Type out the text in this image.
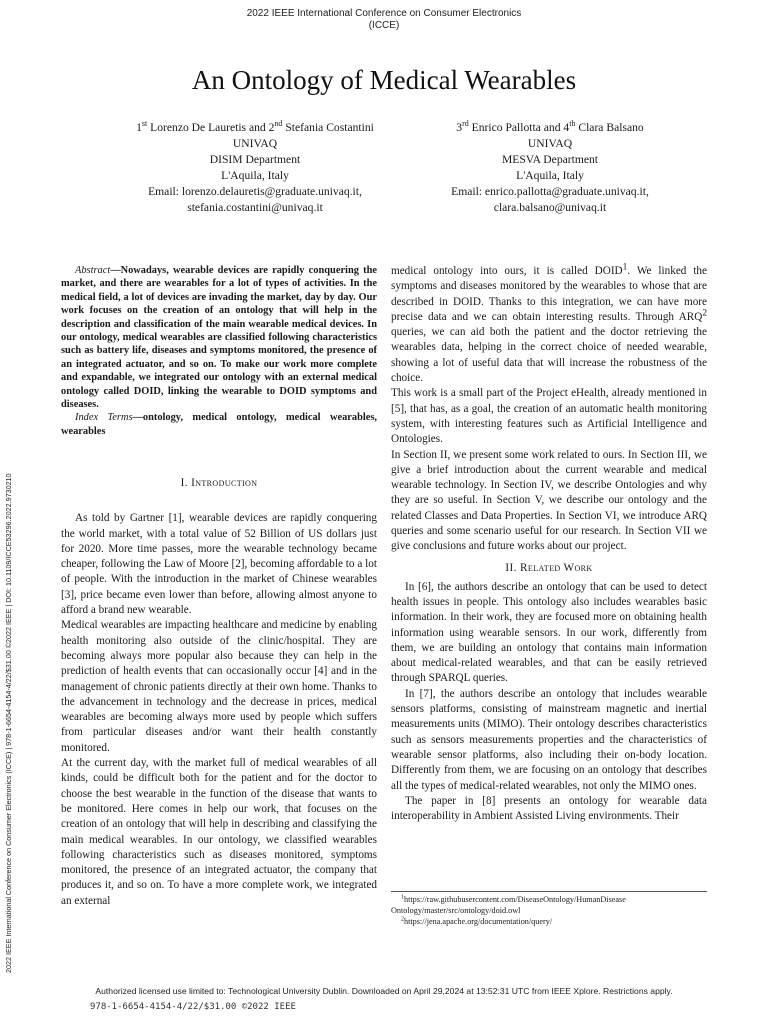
2022 IEEE International Conference on Consumer Electronics
(ICCE)
An Ontology of Medical Wearables
1st Lorenzo De Lauretis and 2nd Stefania Costantini
UNIVAQ
DISIM Department
L'Aquila, Italy
Email: lorenzo.delauretis@graduate.univaq.it,
stefania.costantini@univaq.it
3rd Enrico Pallotta and 4th Clara Balsano
UNIVAQ
MESVA Department
L'Aquila, Italy
Email: enrico.pallotta@graduate.univaq.it,
clara.balsano@univaq.it
2022 IEEE International Conference on Consumer Electronics (ICCE) | 978-1-6654-4154-4/22/$31.00 ©2022 IEEE | DOI: 10.1109/ICCE53296.2022.9730210

Abstract—Nowadays, wearable devices are rapidly conquering the market, and there are wearables for a lot of types of activities. In the medical field, a lot of devices are invading the market, day by day. Our work focuses on the creation of an ontology that will help in the description and classification of the main wearable medical devices. In our ontology, medical wearables are classified following characteristics such as battery life, diseases and symptoms monitored, the presence of an integrated actuator, and so on. To make our work more complete and expandable, we integrated our ontology with an external medical ontology called DOID, linking the wearable to DOID symptoms and diseases.

Index Terms—ontology, medical ontology, medical wearables, wearables

I. Introduction

As told by Gartner [1], wearable devices are rapidly conquering the world market, with a total value of 52 Billion of US dollars just for 2020. More time passes, more the wearable technology became cheaper, following the Law of Moore [2], becoming affordable to a lot of people. With the introduction in the market of Chinese wearables [3], price became even lower than before, allowing almost anyone to afford a brand new wearable.

Medical wearables are impacting healthcare and medicine by enabling health monitoring also outside of the clinic/hospital. They are becoming always more popular also because they can help in the prediction of health events that can occasionally occur [4] and in the management of chronic patients directly at their own home. Thanks to the advancement in technology and the decrease in prices, medical wearables are becoming always more used by people which suffers from particular diseases and/or want their health constantly monitored.

At the current day, with the market full of medical wearables of all kinds, could be difficult both for the patient and for the doctor to choose the best wearable in the function of the disease that wants to be monitored. Here comes in help our work, that focuses on the creation of an ontology that will help in describing and classifying the main medical wearables. In our ontology, we classified wearables following characteristics such as diseases monitored, symptoms monitored, the presence of an integrated actuator, the company that produces it, and so on. To have a more complete work, we integrated an external

medical ontology into ours, it is called DOID$^1$. We linked the symptoms and diseases monitored by the wearables to whose that are described in DOID. Thanks to this integration, we can have more precise data and we can obtain interesting results. Through ARQ$^2$ queries, we can aid both the patient and the doctor retrieving the wearables data, helping in the correct choice of needed wearable, showing a lot of useful data that will increase the robustness of the choice.

This work is a small part of the Project eHealth, already mentioned in [5], that has, as a goal, the creation of an automatic health monitoring system, with interesting features such as Artificial Intelligence and Ontologies.

In Section II, we present some work related to ours. In Section III, we give a brief introduction about the current wearable and medical wearable technology. In Section IV, we describe Ontologies and why they are so useful. In Section V, we describe our ontology and the related Classes and Data Properties. In Section VI, we introduce ARQ queries and some scenario useful for our research. In Section VII we give conclusions and future works about our project.

II. Related Work

In [6], the authors describe an ontology that can be used to detect health issues in people. This ontology also includes wearables basic information. In their work, they are focused more on obtaining health information using wearable sensors. In our work, differently from them, we are building an ontology that contains main information about medical-related wearables, and that can be easily retrieved through SPARQL queries.

In [7], the authors describe an ontology that includes wearable sensors platforms, consisting of mainstream magnetic and inertial measurements units (MIMO). Their ontology describes characteristics such as sensors measurements properties and the characteristics of wearable sensor platforms, also including their on-body location. Differently from them, we are focusing on an ontology that describes all the types of medical-related wearables, not only the MIMO ones.

The paper in [8] presents an ontology for wearable data interoperability in Ambient Assisted Living environments. Their

$^1$https://raw.githubusercontent.com/DiseaseOntology/HumanDisease Ontology/master/src/ontology/doid.owl

$^2$https://jena.apache.org/documentation/query/

Authorized licensed use limited to: Technological University Dublin. Downloaded on April 29,2024 at 13:52:31 UTC from IEEE Xplore. Restrictions apply.
978-1-6654-4154-4/22/$31.00 ©2022 IEEE
